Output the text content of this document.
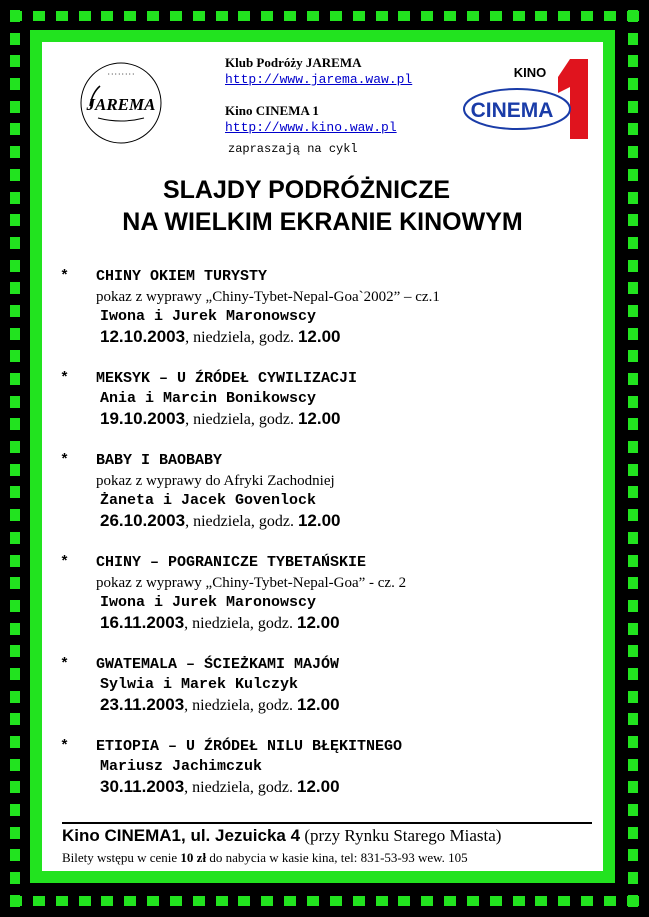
JAREMA
· · · · · · · ·
Klub Podróży JAREMA
http://www.jarema.waw.pl
Kino CINEMA 1
http://www.kino.waw.pl
zapraszają na cykl
CINEMA
KINO
SLAJDY PODRÓŻNICZE
NA WIELKIM EKRANIE KINOWYM
* CHINY OKIEM TURYSTY
pokaz z wyprawy „Chiny-Tybet-Nepal-Goa`2002” – cz.1
Iwona i Jurek Maronowscy
12.10.2003, niedziela, godz. 12.00
* MEKSYK – U ŹRÓDEŁ CYWILIZACJI
Ania i Marcin Bonikowscy
19.10.2003, niedziela, godz. 12.00
* BABY I BAOBABY
pokaz z wyprawy do Afryki Zachodniej
Żaneta i Jacek Govenlock
26.10.2003, niedziela, godz. 12.00
* CHINY – POGRANICZE TYBETAŃSKIE
pokaz z wyprawy „Chiny-Tybet-Nepal-Goa” - cz. 2
Iwona i Jurek Maronowscy
16.11.2003, niedziela, godz. 12.00
* GWATEMALA – ŚCIEŻKAMI MAJÓW
Sylwia i Marek Kulczyk
23.11.2003, niedziela, godz. 12.00
* ETIOPIA – U ŹRÓDEŁ NILU BŁĘKITNEGO
Mariusz Jachimczuk
30.11.2003, niedziela, godz. 12.00
Kino CINEMA1, ul. Jezuicka 4 (przy Rynku Starego Miasta)
Bilety wstępu w cenie 10 zł do nabycia w kasie kina, tel: 831-53-93 wew. 105
